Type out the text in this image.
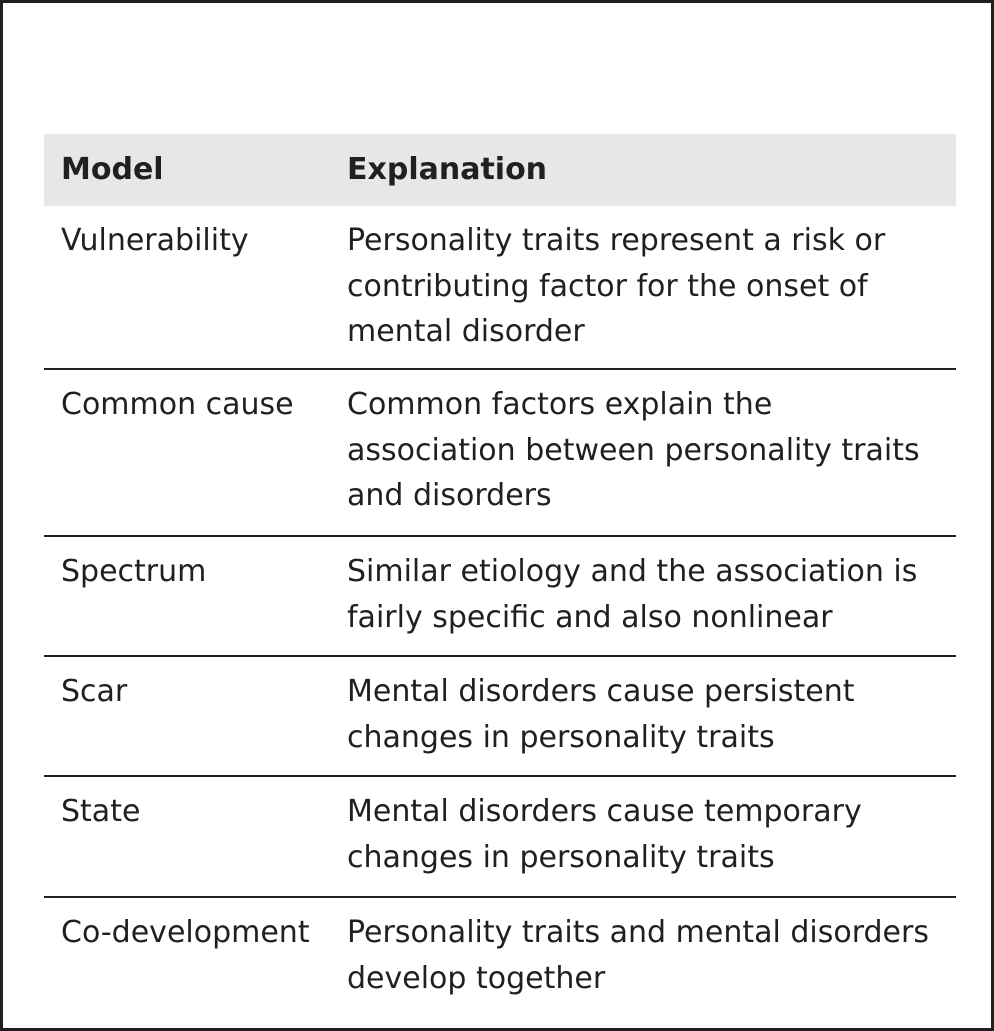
Model	Explanation
Vulnerability	Personality traits represent a risk or contributing factor for the onset of mental disorder
Common cause	Common factors explain the association between personality traits and disorders
Spectrum	Similar etiology and the association is fairly specific and also nonlinear
Scar	Mental disorders cause persistent changes in personality traits
State	Mental disorders cause temporary changes in personality traits
Co-development	Personality traits and mental disorders develop together
